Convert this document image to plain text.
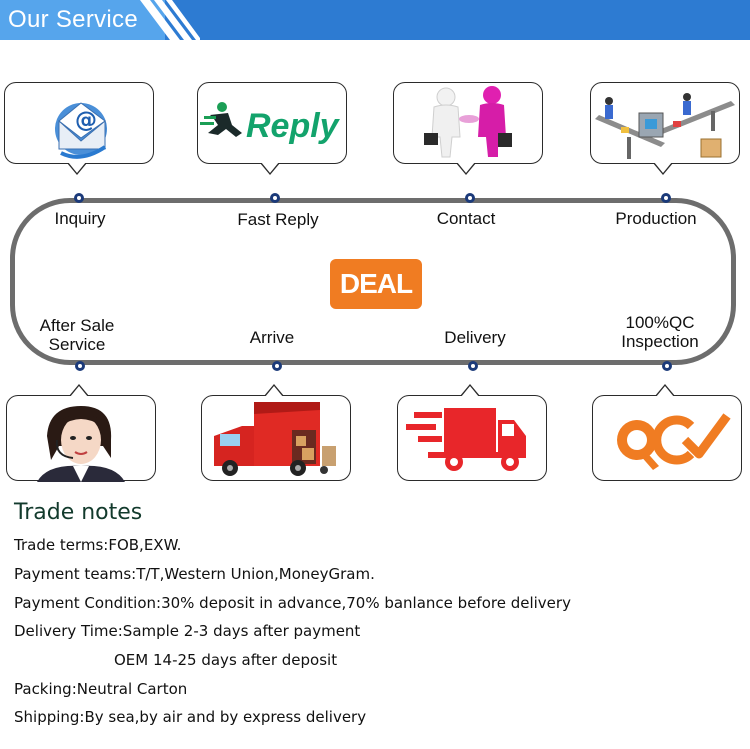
Our Service
@	Reply
Inquiry	Fast Reply	Contact	Production
DEAL
After Sale
Service	Arrive	Delivery
100%QC
Inspection
Trade notes
Trade terms:FOB,EXW.
Payment teams:T/T,Western Union,MoneyGram.
Payment Condition:30% deposit in advance,70% banlance before delivery
Delivery Time:Sample 2-3 days after payment
OEM 14-25 days after deposit
Packing:Neutral Carton
Shipping:By sea,by air and by express delivery
